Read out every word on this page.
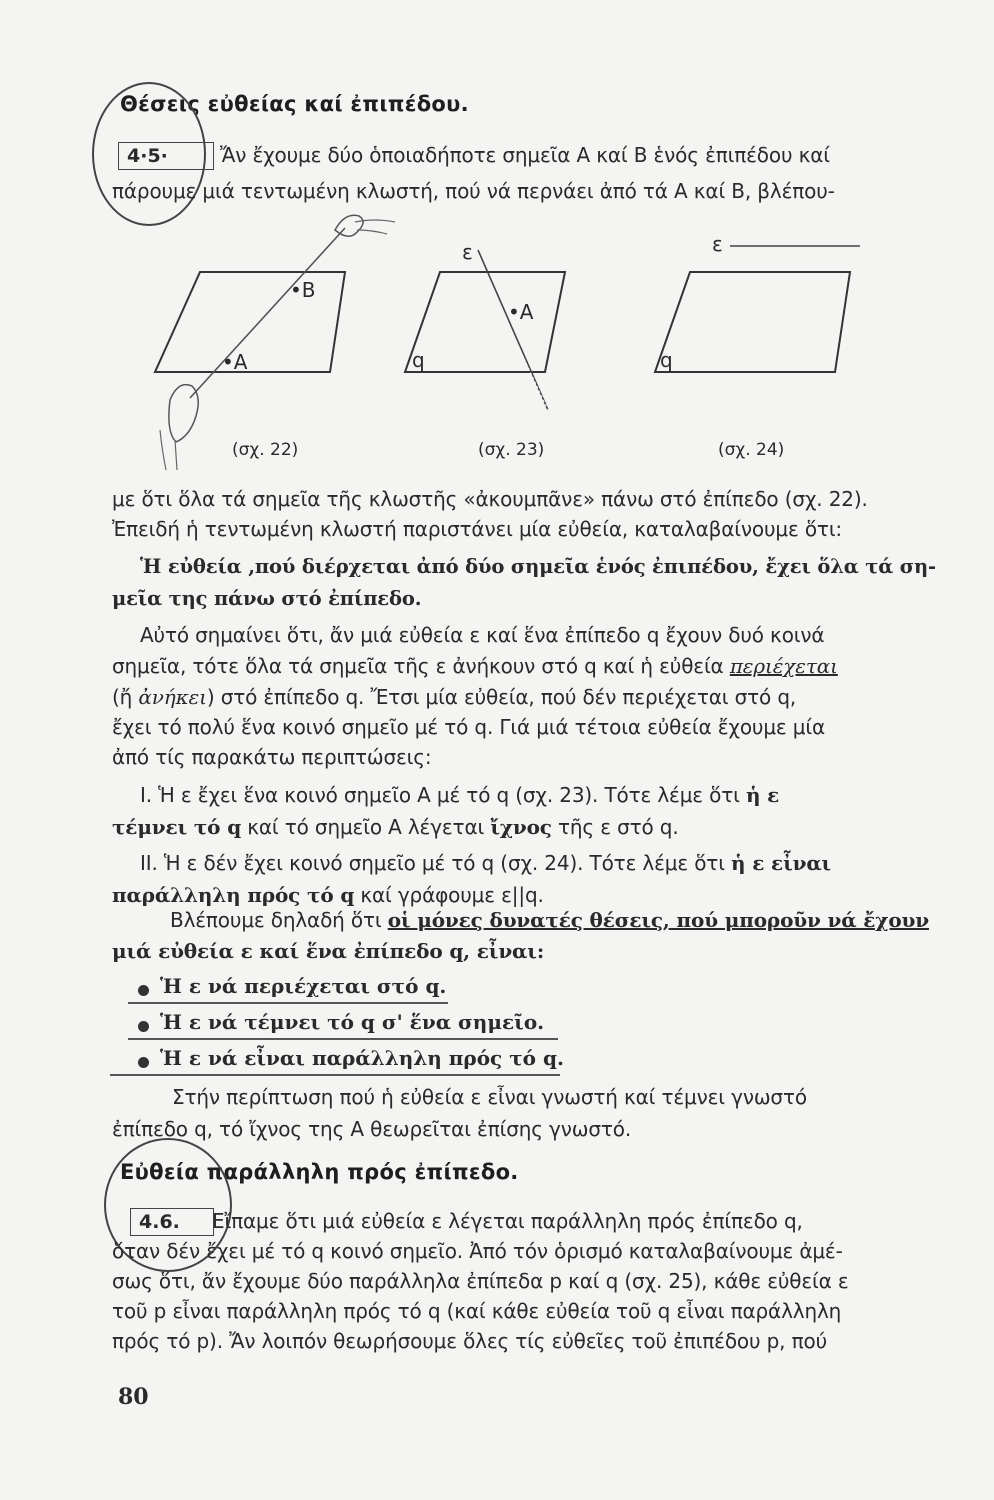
Θέσεις εὐθείας καί ἐπιπέδου.
4·5·	Ἄν ἔχουμε δύο ὁποιαδήποτε σημεῖα Α καί Β ἑνός ἐπιπέδου καί
πάρουμε μιά τεντωμένη κλωστή, πού νά περνάει ἀπό τά Α καί Β, βλέπου-
•Β
•Α
ε
•Α
q
ε
q
(σχ. 22)	(σχ. 23)	(σχ. 24)
με ὅτι ὅλα τά σημεῖα τῆς κλωστῆς «ἀκουμπᾶνε» πάνω στό ἐπίπεδο (σχ. 22).
Ἐπειδή ἡ τεντωμένη κλωστή παριστάνει μία εὐθεία, καταλαβαίνουμε ὅτι:
Ἡ εὐθεία ,πού διέρχεται ἀπό δύο σημεῖα ἑνός ἐπιπέδου, ἔχει ὅλα τά ση-
μεῖα της πάνω στό ἐπίπεδο.
Αὐτό σημαίνει ὅτι, ἄν μιά εὐθεία ε καί ἕνα ἐπίπεδο q ἔχουν δυό κοινά
σημεῖα, τότε ὅλα τά σημεῖα τῆς ε ἀνήκουν στό q καί ἡ εὐθεία περιέχεται
(ἤ ἀνήκει) στό ἐπίπεδο q. Ἔτσι μία εὐθεία, πού δέν περιέχεται στό q,
ἔχει τό πολύ ἕνα κοινό σημεῖο μέ τό q. Γιά μιά τέτοια εὐθεία ἔχουμε μία
ἀπό τίς παρακάτω περιπτώσεις:
Ι. Ἡ ε ἔχει ἕνα κοινό σημεῖο Α μέ τό q (σχ. 23). Τότε λέμε ὅτι ἡ ε
τέμνει τό q καί τό σημεῖο Α λέγεται ἴχνος τῆς ε στό q.
ΙΙ. Ἡ ε δέν ἔχει κοινό σημεῖο μέ τό q (σχ. 24). Τότε λέμε ὅτι ἡ ε εἶναι
παράλληλη πρός τό q καί γράφουμε ε||q.
Βλέπουμε δηλαδή ὅτι οἱ μόνες δυνατές θέσεις, πού μποροῦν νά ἔχουν
μιά εὐθεία ε καί ἕνα ἐπίπεδο q, εἶναι:
Ἡ ε νά περιέχεται στό q.
Ἡ ε νά τέμνει τό q σ' ἕνα σημεῖο.
Ἡ ε νά εἶναι παράλληλη πρός τό q.
Στήν περίπτωση πού ἡ εὐθεία ε εἶναι γνωστή καί τέμνει γνωστό
ἐπίπεδο q, τό ἴχνος της Α θεωρεῖται ἐπίσης γνωστό.
Εὐθεία παράλληλη πρός ἐπίπεδο.
4.6.	Εἴπαμε ὅτι μιά εὐθεία ε λέγεται παράλληλη πρός ἐπίπεδο q,
ὅταν δέν ἔχει μέ τό q κοινό σημεῖο. Ἀπό τόν ὁρισμό καταλαβαίνουμε ἀμέ-
σως ὅτι, ἄν ἔχουμε δύο παράλληλα ἐπίπεδα p καί q (σχ. 25), κάθε εὐθεία ε
τοῦ p εἶναι παράλληλη πρός τό q (καί κάθε εὐθεία τοῦ q εἶναι παράλληλη
πρός τό p). Ἄν λοιπόν θεωρήσουμε ὅλες τίς εὐθεῖες τοῦ ἐπιπέδου p, πού
80
